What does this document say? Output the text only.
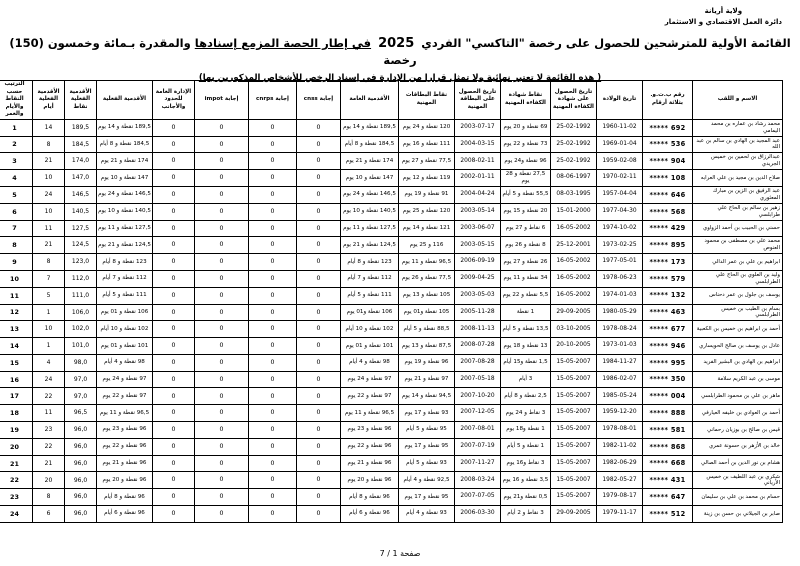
ولاية أريانة
دائرة العمل الاقتصادي و الاستثمار
القائمة الأولية للمترشحين للحصول على رخصة "التاكسي" الفردي 2025 في إطار الحصة المزمع إسنادها والمقدرة بـمائة وخمسون (150) رخصة
( هذه القائمة لا تعتبر نهائية ولا تمثل قرارا من الإدارة في إسناد الرخص للأشخاص المذكورين بها)
الاسم و اللقب	رقم ب.ت.و. بثلاثة أرقام	تاريخ الولادة	تاريخ الحصول على شهادة الكفاءة المهنية	نقاط شهادة الكفاءة المهنية	تاريخ الحصول على البطاقة المهنية	نقاط البطاقات المهنية	الأقدمية العامة	إجابة cnss	إجابة cnrps	إجابة impot	الإدارة العامة للحدود والأجانب	الأقدمية الفعلية	الأقدمية الفعلية نقاط	الأقدمية الفعلية أيام	الترتيب حسب النقاط والأيام والعمر
محمد رشاد بن عماره بن محمد اليمامي	***** 692	1960-11-02	25-02-1992	69 نقطة و 20 يوم	2003-07-17	120 نقطة و 24 يوم	189,5 نقطة و 14 يوم	0	0	0	0	189,5 نقطة و 14 يوم	189,5	14	1
عبد المجيد بن الهادي بن سالم بن عبد الله	***** 536	1969-01-04	25-02-1992	73 نقطة و 22 يوم	2004-03-15	111 نقطة و 16 يوم	184,5 نقطة و 8 أيام	0	0	0	0	184,5 نقطة و 8 أيام	184,5	8	2
عبدالرزاق بن لحمين بن خميس الجريدي	***** 904	1959-02-08	25-02-1992	96 نقطة و24 يوم	2008-02-11	77,5 نقطة و 27 يوم	174 نقطة و 21 يوم	0	0	0	0	174 نقطة و 21 يوم	174,0	21	3
صلاح الدين بن مجيد بن علي العرابه	***** 108	1970-02-11	08-06-1997	27,5 نقطة و 28 يوم	2002-01-11	119 نقطة و 12 يوم	147 نقطة و 10 يوم	0	0	0	0	147 نقطة و 10 يوم	147,0	10	4
عبد الرفيق بن الزين بن مبارك المعثوري	***** 646	1957-04-04	08-03-1995	55,5 نقطة و 5 أيام	2004-04-24	91 نقطة و 19 يوم	146,5 نقطة و 24 يوم	0	0	0	0	146,5 نقطة و 24 يوم	146,5	24	5
زهير بن سالم بن الحاج علي طرابلسي	***** 568	1977-04-30	15-01-2000	20 نقطة و 15 يوم	2003-05-14	120 نقطة و 25 يوم	140,5 نقطة و 10 يوم	0	0	0	0	140,5 نقطة و 10 يوم	140,5	10	6
حسني بن الحبيب بن أحمد الزواوي	***** 429	1974-10-02	16-05-2002	6 نقاط و 27 يوم	2003-06-07	121 نقطة و 14 يوم	127,5 نقطة و 11 يوم	0	0	0	0	127,5 نقطة و 11 يوم	127,5	11	7
محمد علي بن مصطفى بن محمود العنوص	***** 895	1973-02-25	25-12-2001	8 نقطة و 26 يوم	2003-05-15	116 و 25 يوم	124,5 نقطة و 21 يوم	0	0	0	0	124,5 نقطة و 21 يوم	124,5	21	8
ابراهيم بن علي بن عمر الدالي	***** 173	1977-05-01	16-05-2002	26 نقطة و 27 يوم	2006-09-19	96,5 نقطة و 11 يوم	123 نقطة و 8 أيام	0	0	0	0	123 نقطة و 8 أيام	123,0	8	9
وليد بن العلوي بن الحاج علي الطرابلسي	***** 579	1978-06-23	16-05-2002	34 نقطة و 11 يوم	2009-04-25	77,5 نقطة و 26 يوم	112 نقطة و 7 أيام	0	0	0	0	112 نقطة و 7 أيام	112,0	7	10
يوسف بن جلول بن عمر دحناس	***** 132	1974-01-03	16-05-2002	5,5 نقطة و 22 يوم	2003-05-03	105 نقطة و 13 يوم	111 نقطة و 5 أيام	0	0	0	0	111 نقطة و 5 أيام	111,0	5	11
بسام بن الطيب بن خميس الطرابلسي	***** 463	1980-05-29	29-09-2005	1 نقطة	2005-11-28	105 نقطة و01 يوم	106 نقطة و01 يوم	0	0	0	0	106 نقطة و 01 يوم	106,0	1	12
أحمد بن ابراهيم بن خميس بن الكعبية	***** 677	1978-08-24	03-10-2005	13,5 نقطة و 5 أيام	2008-11-13	88,5 نقطة و 5 أيام	102 نقطة و 10 أيام	0	0	0	0	102 نقطة و 10 أيام	102,0	10	13
عادل بن يوسف بن صالح الحويساري	***** 946	1973-01-03	20-10-2005	13 نقطة و 18 يوم	2008-07-28	87,5 نقطة و 13 يوم	101 نقطة و 01 يوم	0	0	0	0	101 نقطة و 01 يوم	101,0	1	14
ابراهيم بن الهادي بن البشير الفريد	***** 995	1984-11-27	15-05-2007	1,5 نقطة و15 أيام	2007-08-28	96 نقطة و 19 يوم	98 نقطة و 4 أيام	0	0	0	0	98 نقطة و 4 أيام	98,0	4	15
موسى بن عبد الكريم سلامة	***** 350	1986-02-07	15-05-2007	3 أيام	2007-05-18	97 نقطة و 21 يوم	97 نقطة و 24 يوم	0	0	0	0	97 نقطة و 24 يوم	97,0	24	16
ماهر بن علي بن محمود الطرابلسي	***** 004	1985-05-24	15-05-2007	2,5 نقطة و 8 أيام	2007-10-20	94,5 نقطة و 14 يوم	97 نقطة و 22 يوم	0	0	0	0	97 نقطة و 22 يوم	97,0	22	17
أحمد بن العوادي بن خليفه العيارفي	***** 888	1959-12-20	15-05-2007	3 نقاط و 24 يوم	2007-12-05	93 نقطة و 17 يوم	96,5 نقطة و 11 يوم	0	0	0	0	96,5 نقطة و 11 يوم	96,5	11	18
قيس بن صالح بن بوزيان رحماني	***** 581	1978-08-01	15-05-2007	1 نقطة و18 يوم	2007-08-01	95 نقطة و 5 أيام	96 نقطة و 23 يوم	0	0	0	0	96 نقطة و 23 يوم	96,0	23	19
خالد بن الأزهر بن حسونة عمري	***** 868	1982-11-02	15-05-2007	1 نقطة و 5 أيام	2007-07-19	95 نقطة و 17 يوم	96 نقطة و 22 يوم	0	0	0	0	96 نقطة و 22 يوم	96,0	22	20
هشام بن نور الدين بن أحمد الصالي	***** 668	1982-06-29	15-05-2007	3 نقاط و16 يوم	2007-11-27	93 نقطة و 5 أيام	96 نقطة و 21 يوم	0	0	0	0	96 نقطة و 21 يوم	96,0	21	21
شكري بن عبد اللطيف بن خميس الأرياني	***** 431	1982-05-27	15-05-2007	3,5 نقطة و 16 يوم	2008-03-24	92,5 نقطة و 4 أيام	96 نقطة و 20 يوم	0	0	0	0	96 نقطة و 20 يوم	96,0	20	22
حسام بن محمد بن علي بن سليمان	***** 647	1979-08-17	15-05-2007	0,5 نقطة و21 يوم	2007-07-05	95 نقطة و 17 يوم	96 نقطة و 8 أيام	0	0	0	0	96 نقطة و 8 أيام	96,0	8	23
صابر بن الجيلاني بن حسن بن زينة	***** 512	1979-11-17	29-09-2005	3 نقاط و 2 أيام	2006-03-30	93 نقطة و 4 أيام	96 نقطة و 6 أيام	0	0	0	0	96 نقطة و 6 أيام	96,0	6	24
صفحة 1 / 7
